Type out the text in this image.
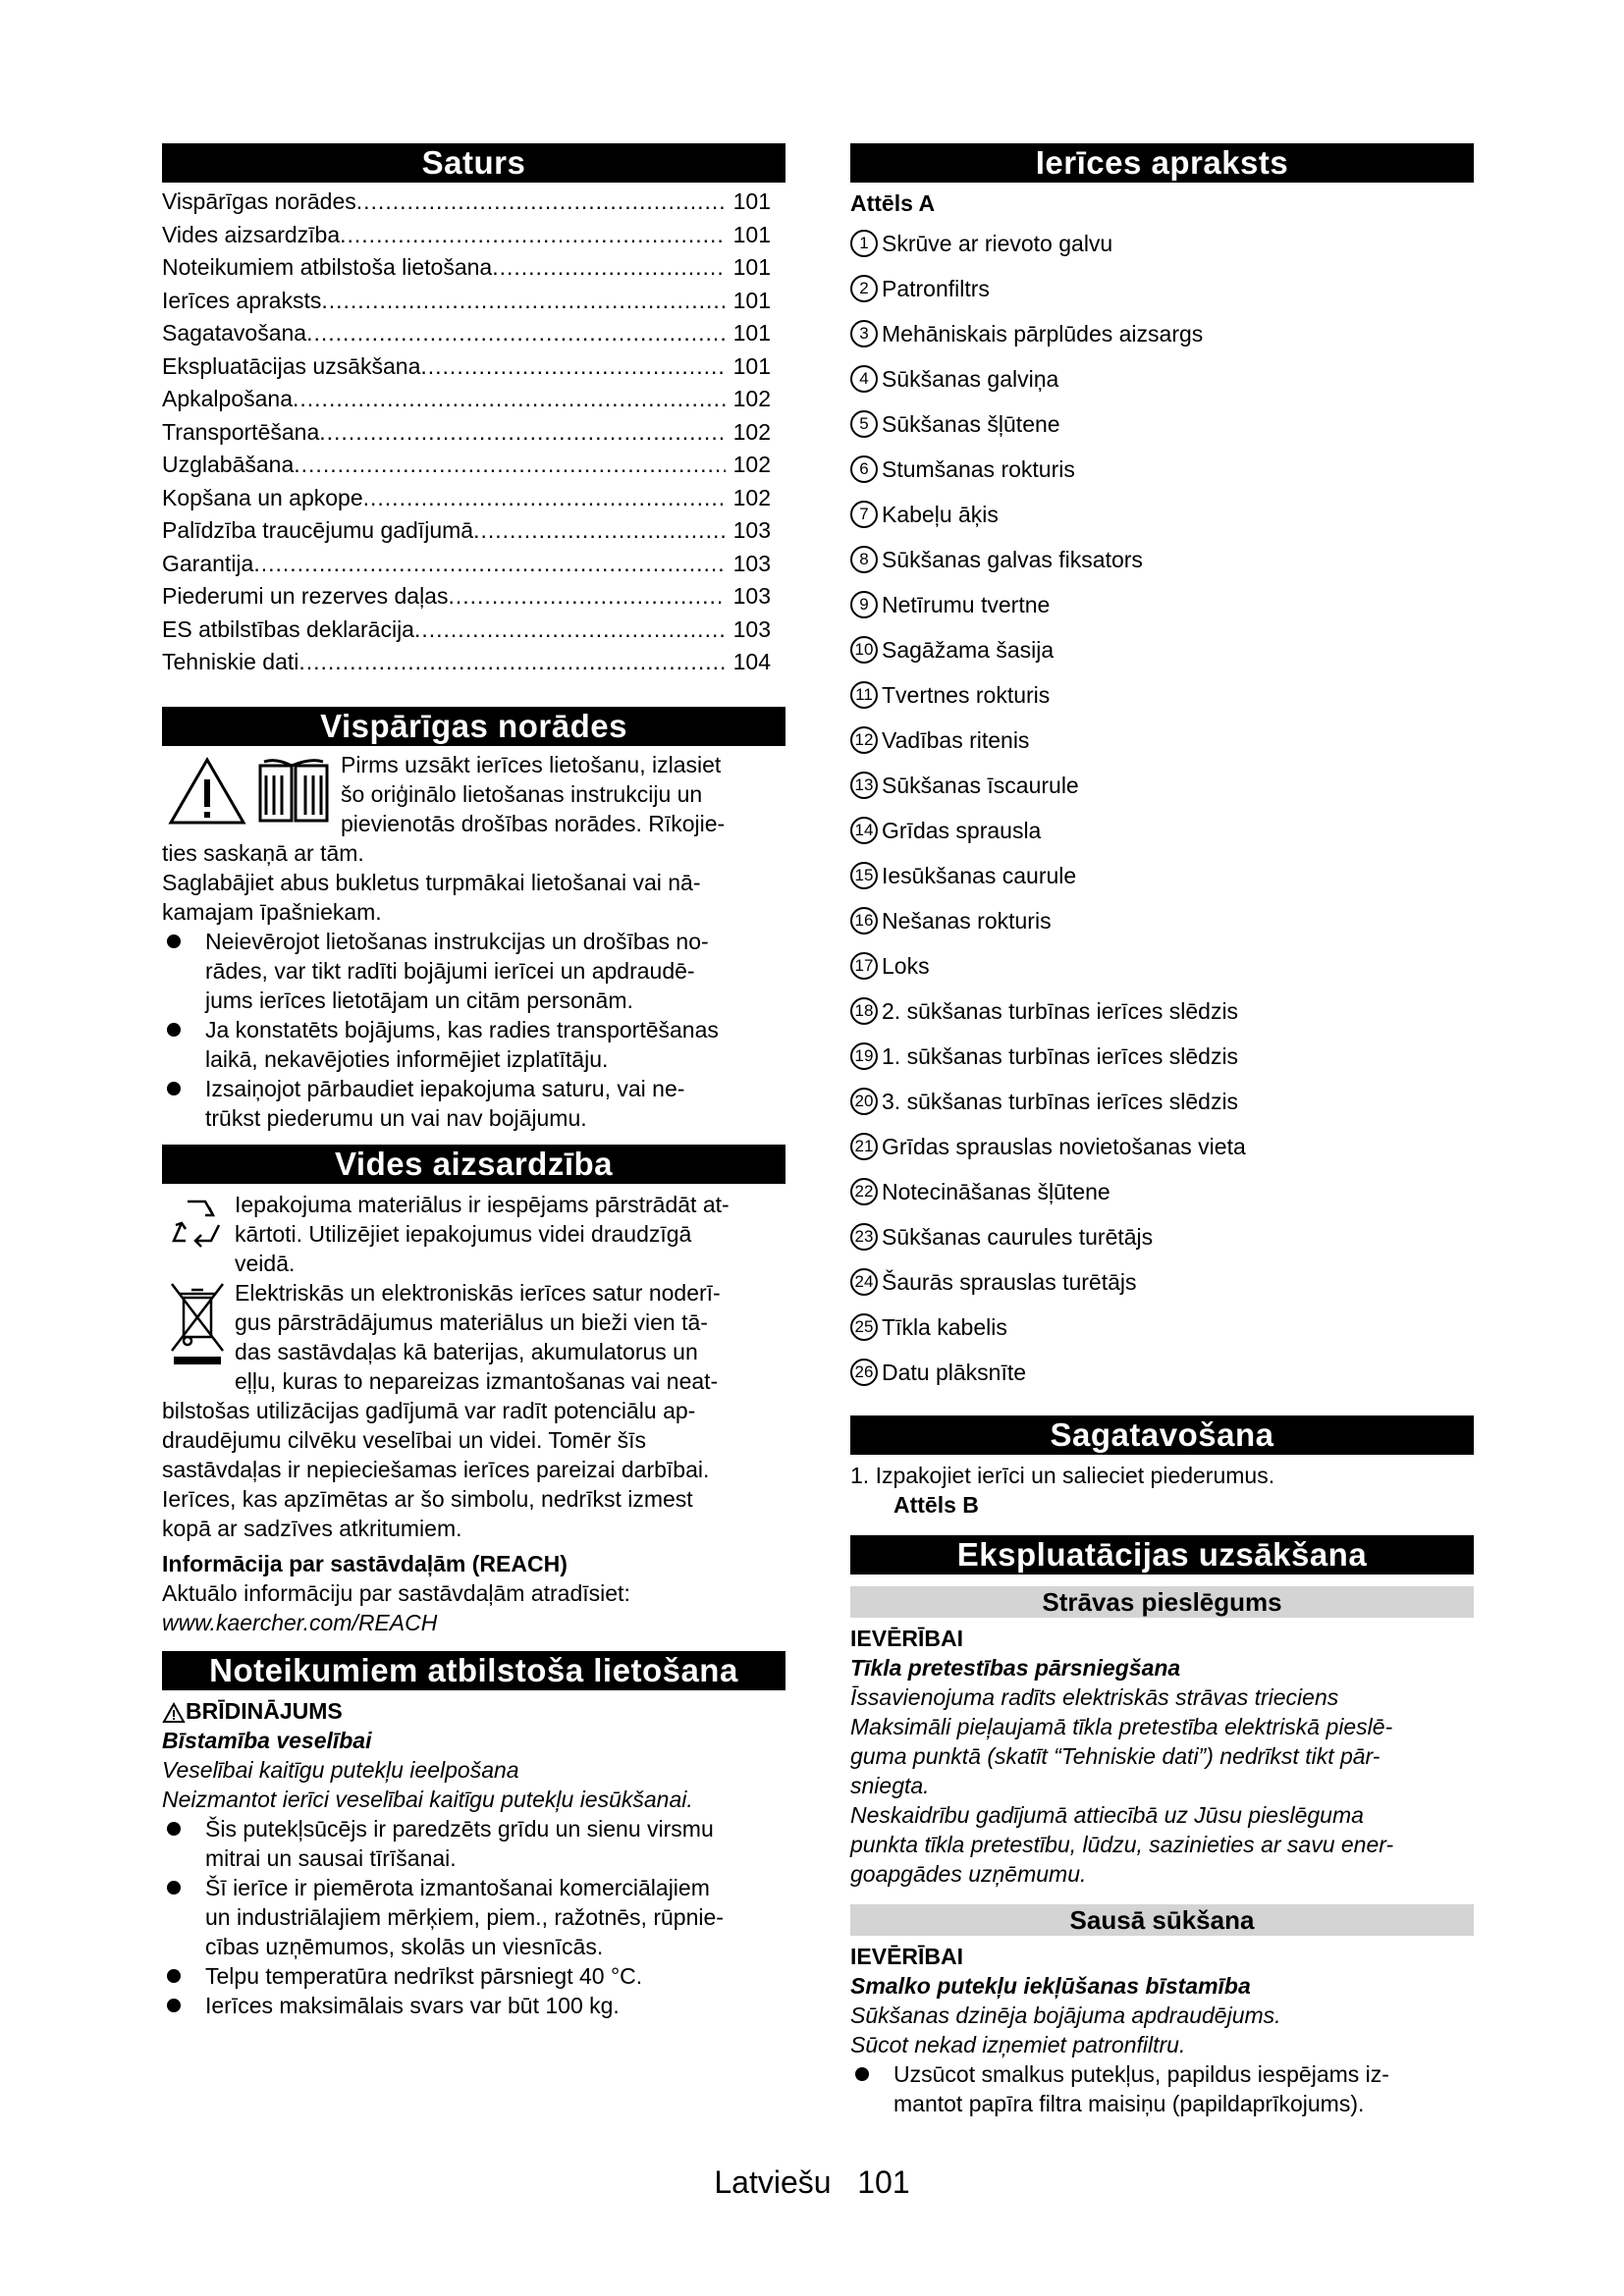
Saturs
Vispārīgas norādes .....	101
Vides aizsardzība .....	101
Noteikumiem atbilstoša lietošana .....	101
Ierīces apraksts .....	101
Sagatavošana .....	101
Ekspluatācijas uzsākšana .....	101
Apkalpošana .....	102
Transportēšana .....	102
Uzglabāšana .....	102
Kopšana un apkope .....	102
Palīdzība traucējumu gadījumā .....	103
Garantija .....	103
Piederumi un rezerves daļas .....	103
ES atbilstības deklarācija .....	103
Tehniskie dati .....	104
Vispārīgas norādes
Pirms uzsākt ierīces lietošanu, izlasiet
šo oriģinālo lietošanas instrukciju un
pievienotās drošības norādes. Rīkojie-
ties saskaņā ar tām.
Saglabājiet abus bukletus turpmākai lietošanai vai nā-
kamajam īpašniekam.
Neievērojot lietošanas instrukcijas un drošības no-
rādes, var tikt radīti bojājumi ierīcei un apdraudē-
jums ierīces lietotājam un citām personām.
Ja konstatēts bojājums, kas radies transportēšanas
laikā, nekavējoties informējiet izplatītāju.
Izsaiņojot pārbaudiet iepakojuma saturu, vai ne-
trūkst piederumu un vai nav bojājumu.
Vides aizsardzība
Iepakojuma materiālus ir iespējams pārstrādāt at-
kārtoti. Utilizējiet iepakojumus videi draudzīgā
veidā.
Elektriskās un elektroniskās ierīces satur noderī-
gus pārstrādājumus materiālus un bieži vien tā-
das sastāvdaļas kā baterijas, akumulatorus un
eļļu, kuras to nepareizas izmantošanas vai neat-
bilstošas utilizācijas gadījumā var radīt potenciālu ap-
draudējumu cilvēku veselībai un videi. Tomēr šīs
sastāvdaļas ir nepieciešamas ierīces pareizai darbībai.
Ierīces, kas apzīmētas ar šo simbolu, nedrīkst izmest
kopā ar sadzīves atkritumiem.
Informācija par sastāvdaļām (REACH)
Aktuālo informāciju par sastāvdaļām atradīsiet:
www.kaercher.com/REACH
Noteikumiem atbilstoša lietošana
BRĪDINĀJUMS
Bīstamība veselībai
Veselībai kaitīgu putekļu ieelpošana
Neizmantot ierīci veselībai kaitīgu putekļu iesūkšanai.
Šis putekļsūcējs ir paredzēts grīdu un sienu virsmu
mitrai un sausai tīrīšanai.
Šī ierīce ir piemērota izmantošanai komerciālajiem
un industriālajiem mērķiem, piem., ražotnēs, rūpnie-
cības uzņēmumos, skolās un viesnīcās.
Telpu temperatūra nedrīkst pārsniegt 40 °C.
Ierīces maksimālais svars var būt 100 kg.
Ierīces apraksts
Attēls A
1 Skrūve ar rievoto galvu
2 Patronfiltrs
3 Mehāniskais pārplūdes aizsargs
4 Sūkšanas galviņa
5 Sūkšanas šļūtene
6 Stumšanas rokturis
7 Kabeļu āķis
8 Sūkšanas galvas fiksators
9 Netīrumu tvertne
10 Sagāžama šasija
11 Tvertnes rokturis
12 Vadības ritenis
13 Sūkšanas īscaurule
14 Grīdas sprausla
15 Iesūkšanas caurule
16 Nešanas rokturis
17 Loks
18 2. sūkšanas turbīnas ierīces slēdzis
19 1. sūkšanas turbīnas ierīces slēdzis
20 3. sūkšanas turbīnas ierīces slēdzis
21 Grīdas sprauslas novietošanas vieta
22 Notecināšanas šļūtene
23 Sūkšanas caurules turētājs
24 Šaurās sprauslas turētājs
25 Tīkla kabelis
26 Datu plāksnīte
Sagatavošana
1. Izpakojiet ierīci un salieciet piederumus.
Attēls B
Ekspluatācijas uzsākšana
Strāvas pieslēgums
IEVĒRĪBAI
Tīkla pretestības pārsniegšana
Īssavienojuma radīts elektriskās strāvas trieciens
Maksimāli pieļaujamā tīkla pretestība elektriskā pieslē-
guma punktā (skatīt “Tehniskie dati”) nedrīkst tikt pār-
sniegta.
Neskaidrību gadījumā attiecībā uz Jūsu pieslēguma
punkta tīkla pretestību, lūdzu, sazinieties ar savu ener-
goapgādes uzņēmumu.
Sausā sūkšana
IEVĒRĪBAI
Smalko putekļu iekļūšanas bīstamība
Sūkšanas dzinēja bojājuma apdraudējums.
Sūcot nekad izņemiet patronfiltru.
Uzsūcot smalkus putekļus, papildus iespējams iz-
mantot papīra filtra maisiņu (papildaprīkojums).
Latviešu 101
